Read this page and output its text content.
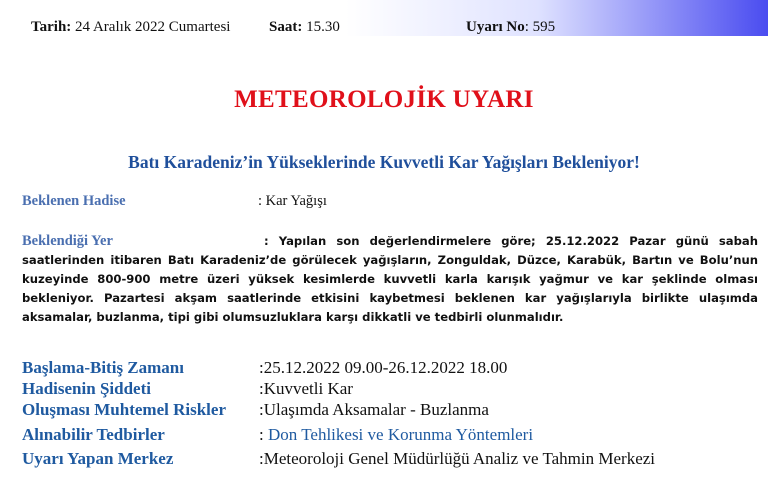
Tarih: 24 Aralık 2022 Cumartesi	Saat: 15.30	Uyarı No: 595
METEOROLOJİK UYARI
Batı Karadeniz’in Yükseklerinde Kuvvetli Kar Yağışları Bekleniyor!
Beklenen Hadise	: Kar Yağışı
Beklendiği Yer	: Yapılan son değerlendirmelere göre; 25.12.2022 Pazar günü sabah saatlerinden itibaren Batı Karadeniz’de görülecek yağışların, Zonguldak, Düzce, Karabük, Bartın ve Bolu’nun kuzeyinde 800-900 metre üzeri yüksek kesimlerde kuvvetli karla karışık yağmur ve kar şeklinde olması bekleniyor. Pazartesi akşam saatlerinde etkisini kaybetmesi beklenen kar yağışlarıyla birlikte ulaşımda aksamalar, buzlanma, tipi gibi olumsuzluklara karşı dikkatli ve tedbirli olunmalıdır.
Başlama-Bitiş Zamanı	:25.12.2022 09.00-26.12.2022 18.00
Hadisenin Şiddeti	:Kuvvetli Kar
Oluşması Muhtemel Riskler :Ulaşımda Aksamalar - Buzlanma
Alınabilir Tedbirler	: Don Tehlikesi ve Korunma Yöntemleri
Uyarı Yapan Merkez	:Meteoroloji Genel Müdürlüğü Analiz ve Tahmin Merkezi
